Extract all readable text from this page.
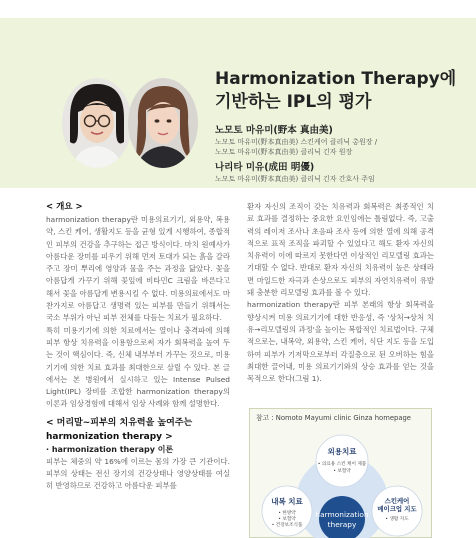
Harmonization Therapy에
기반하는 IPL의 평가
노모토 마유미(野本 真由美)
노모토 마유미(野本真由美) 스킨케어 클리닉 총원장 /
노모토 마유미(野本真由美) 클리닉 긴자 원장
나리타 미유(成田 明優)
노모토 마유미(野本真由美) 클리닉 긴자 간호사 주임
< 개요 >

harmonization therapy란 미용의료기기, 외용약, 복용약, 스킨 케어, 생활지도 등을 균형 있게 시행하여, 종합적인 피부의 건강을 추구하는 접근 방식이다. 마치 원예사가 아름다운 장미를 피우기 위해 먼저 토대가 되는 흙을 갈라주고 장미 뿌리에 영양과 물을 주는 과정을 닮았다. 꽃을 아름답게 가꾸기 위해 꽃잎에 비타민C 크림을 바른다고 해서 꽃을 아름답게 변용시킬 수 없다. 미용의료에서도 마찬가지로 아름답고 생명력 있는 피부를 만들기 위해서는 국소 부위가 아닌 피부 전체를 다듬는 치료가 필요하다.

특히 미용기기에 의한 치료에서는 열이나 충격파에 의해 피부 항상 치유력을 이용함으로써 자가 회복력을 높여 두는 것이 핵심이다. 즉, 신체 내부부터 가꾸는 것으로, 미용 기기에 의한 치료 효과를 최대한으로 살릴 수 있다. 본 글에서는 본 병원에서 실시하고 있는 Intense Pulsed Light(IPL) 장비를 조합한 harmonization therapy의 이론과 임상경험에 대해서 임상 사례와 함께 설명한다.

< 머리말~피부의 치유력을 높여주는
harmonization therapy >
· harmonization therapy 이론

피부는 체중의 약 16%에 이르는 몸의 가장 큰 기관이다. 피부의 상태는 전신 장기의 건강상태나 영양상태를 여실히 반영하므로 건강하고 아름다운 피부를

환자 자신의 조직이 갖는 치유력과 회복력은 최종적인 치료 효과를 결정하는 중요한 요인임에는 틀림없다. 즉, 고출력의 레이저 조사나 초음파 조사 등에 의한 열에 의해 공격적으로 표적 조직을 파괴할 수 있었다고 해도 환자 자신의 치유력이 이에 따르지 못한다면 이상적인 리모델링 효과는 기대할 수 없다. 반대로 환자 자신의 치유력이 높은 상태라면 마일드한 자극과 손상으로도 피부의 자연치유력이 유발돼 충분한 리모델링 효과를 볼 수 있다.

harmonization therapy란 피부 본래의 항상 회복력을 향상시켜 미용 의료기기에 대한 반응성, 즉 '상처→상처 치유→리모델링의 과정'을 높이는 복합적인 치료법이다. 구체적으로는, 내복약, 외용약, 스킨 케어, 식단 지도 등을 도입하여 피부가 기저막으로부터 각질층으로 된 오버하는 힘을 최대한 끌어내, 미용 의료기기와의 상승 효과를 얻는 것을 목적으로 한다(그림 1).

참고 : Nomoto Mayumi clinic Ginza homepage
외용치료
• 의료용 스킨 케어 제품
• 보험약
내복 치료
• 한방약
• 보험약
• 건강보조식품
스킨케어
메이크업 지도
• 생활 지도
harmonization
therapy
